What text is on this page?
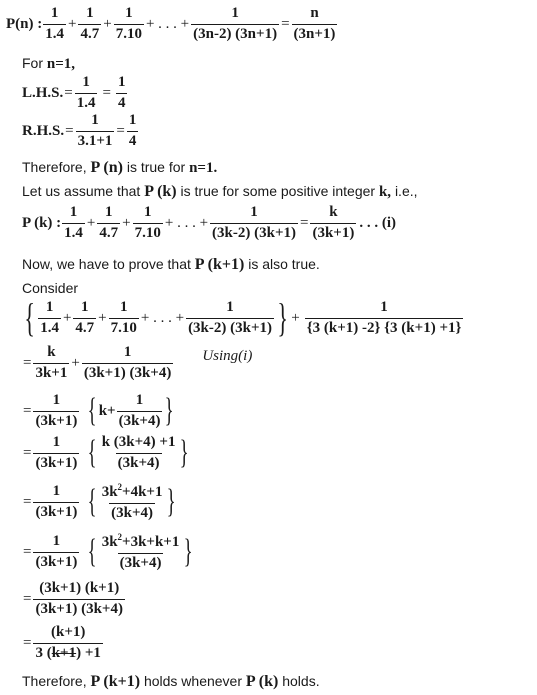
P(n) :
1
1.4
+ $\frac{1}{4.7} + \frac{1}{7.10}$ + . . . + $\frac{1}{(3n-2) (3n+1)} = \frac{n}{(3n+1)}$
For n=1,
L.H.S. = $\frac{1}{1.4} = \frac{1}{4}$
R.H.S. = $\frac{1}{3.1+1} = \frac{1}{4}$
Therefore, P (n) is true for n=1.
Let us assume that P (k) is true for some positive integer k, i.e.,
P (k) :
1
1.4
+ $\frac{1}{4.7} + \frac{1}{7.10}$ + . . . + $\frac{1}{(3k-2) (3k+1)} = \frac{k}{(3k+1)}$ . . . (i)
Now, we have to prove that P (k+1) is also true.
Consider
{ 1
1.4
+ $\frac{1}{4.7} + \frac{1}{7.10}$ + . . . + $\frac{1}{(3k-2) (3k+1)}$ } + $\frac{1}{\{3 (k+1) -2\} \{3 (k+1) +1\}}$
= $\frac{k}{3k+1} + \frac{1}{(3k+1) (3k+4)} Using(i)$
= $\frac{1}{(3k+1)}$ { $k+ \frac{1}{(3k+4)}$ }
= $\frac{1}{(3k+1)}$ { k (3k+4) +1
(3k+4) }
= $\frac{1}{(3k+1)}$ { $3k^2+4k+1$
(3k+4) }
= $\frac{1}{(3k+1)}$ { $3k^2+3k+k+1$
(3k+4) }
= $\frac{(3k+1) (k+1)}{(3k+1) (3k+4)}$
= $\frac{(k+1)}{3 (k+1) +1}$
Therefore, P (k+1) holds whenever P (k) holds.
